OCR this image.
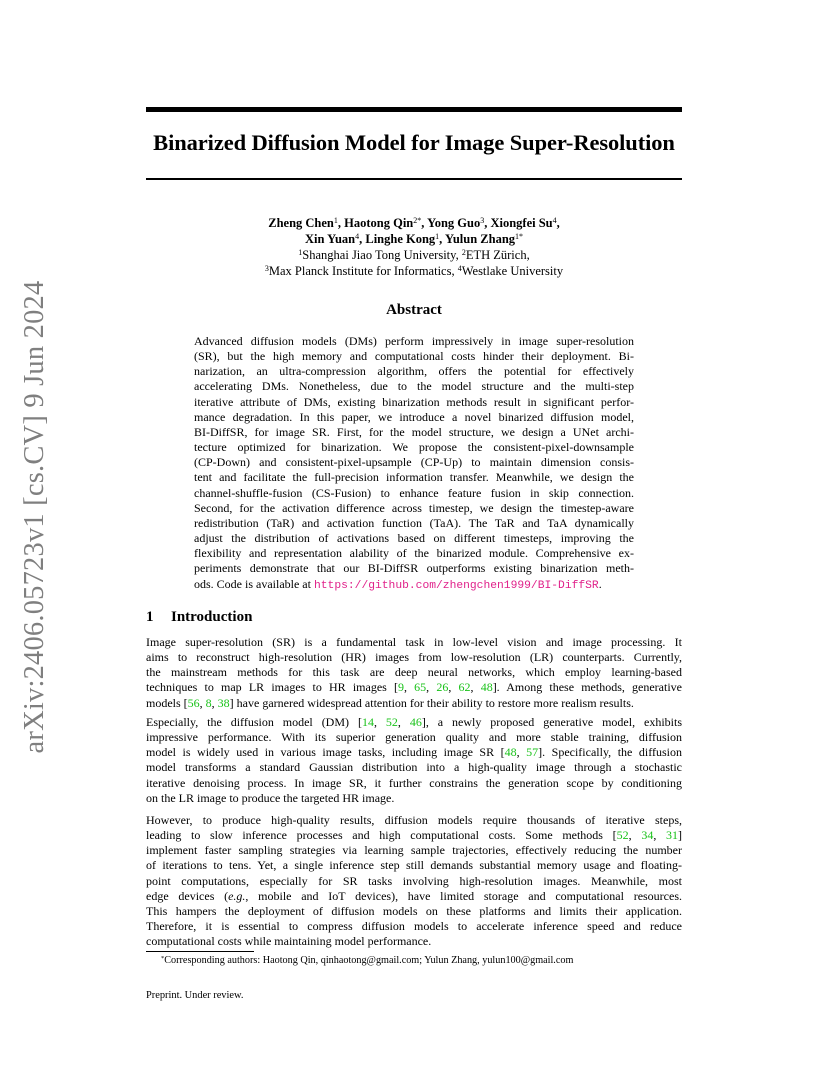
arXiv:2406.05723v1 [cs.CV] 9 Jun 2024
Binarized Diffusion Model for Image Super-Resolution
Zheng Chen$^1$, Haotong Qin$^{2*}$, Yong Guo$^3$, Xiongfei Su$^4$,
Xin Yuan$^4$, Linghe Kong$^1$, Yulun Zhang$^{1*}$
$^1$Shanghai Jiao Tong University, $^2$ETH Zürich,
$^3$Max Planck Institute for Informatics, $^4$Westlake University
Abstract
Advanced diffusion models (DMs) perform impressively in image super-resolution
(SR), but the high memory and computational costs hinder their deployment. Bi-
narization, an ultra-compression algorithm, offers the potential for effectively
accelerating DMs. Nonetheless, due to the model structure and the multi-step
iterative attribute of DMs, existing binarization methods result in significant perfor-
mance degradation. In this paper, we introduce a novel binarized diffusion model,
BI-DiffSR, for image SR. First, for the model structure, we design a UNet archi-
tecture optimized for binarization. We propose the consistent-pixel-downsample
(CP-Down) and consistent-pixel-upsample (CP-Up) to maintain dimension consis-
tent and facilitate the full-precision information transfer. Meanwhile, we design the
channel-shuffle-fusion (CS-Fusion) to enhance feature fusion in skip connection.
Second, for the activation difference across timestep, we design the timestep-aware
redistribution (TaR) and activation function (TaA). The TaR and TaA dynamically
adjust the distribution of activations based on different timesteps, improving the
flexibility and representation alability of the binarized module. Comprehensive ex-
periments demonstrate that our BI-DiffSR outperforms existing binarization meth-
ods. Code is available at https://github.com/zhengchen1999/BI-DiffSR.
1 Introduction
Image super-resolution (SR) is a fundamental task in low-level vision and image processing. It
aims to reconstruct high-resolution (HR) images from low-resolution (LR) counterparts. Currently,
the mainstream methods for this task are deep neural networks, which employ learning-based
techniques to map LR images to HR images [9, 65, 26, 62, 48]. Among these methods, generative
models [56, 8, 38] have garnered widespread attention for their ability to restore more realism results.
Especially, the diffusion model (DM) [14, 52, 46], a newly proposed generative model, exhibits
impressive performance. With its superior generation quality and more stable training, diffusion
model is widely used in various image tasks, including image SR [48, 57]. Specifically, the diffusion
model transforms a standard Gaussian distribution into a high-quality image through a stochastic
iterative denoising process. In image SR, it further constrains the generation scope by conditioning
on the LR image to produce the targeted HR image.
However, to produce high-quality results, diffusion models require thousands of iterative steps,
leading to slow inference processes and high computational costs. Some methods [52, 34, 31]
implement faster sampling strategies via learning sample trajectories, effectively reducing the number
of iterations to tens. Yet, a single inference step still demands substantial memory usage and floating-
point computations, especially for SR tasks involving high-resolution images. Meanwhile, most
edge devices (e.g., mobile and IoT devices), have limited storage and computational resources.
This hampers the deployment of diffusion models on these platforms and limits their application.
Therefore, it is essential to compress diffusion models to accelerate inference speed and reduce
computational costs while maintaining model performance.
*Corresponding authors: Haotong Qin, qinhaotong@gmail.com; Yulun Zhang, yulun100@gmail.com
Preprint. Under review.
